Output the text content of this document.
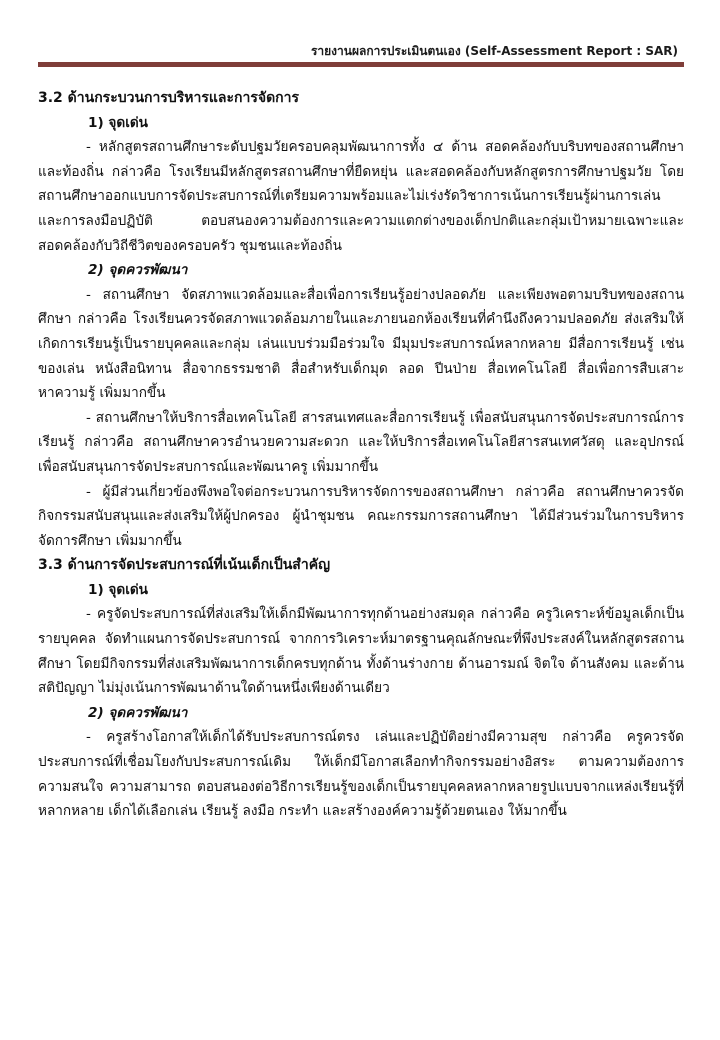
รายงานผลการประเมินตนเอง (Self-Assessment Report : SAR)
3.2 ด้านกระบวนการบริหารและการจัดการ
1) จุดเด่น

- หลักสูตรสถานศึกษาระดับปฐมวัยครอบคลุมพัฒนาการทั้ง ๔ ด้าน สอดคล้องกับบริบทของสถานศึกษาและท้องถิ่น กล่าวคือ โรงเรียนมีหลักสูตรสถานศึกษาที่ยืดหยุ่น และสอดคล้องกับหลักสูตรการศึกษาปฐมวัย โดยสถานศึกษาออกแบบการจัดประสบการณ์ที่เตรียมความพร้อมและไม่เร่งรัดวิชาการเน้นการเรียนรู้ผ่านการเล่นและการลงมือปฏิบัติ ตอบสนองความต้องการและความแตกต่างของเด็กปกติและกลุ่มเป้าหมายเฉพาะและสอดคล้องกับวิถีชีวิตของครอบครัว ชุมชนและท้องถิ่น

2) จุดควรพัฒนา

- สถานศึกษา จัดสภาพแวดล้อมและสื่อเพื่อการเรียนรู้อย่างปลอดภัย และเพียงพอตามบริบทของสถานศึกษา กล่าวคือ โรงเรียนควรจัดสภาพแวดล้อมภายในและภายนอกห้องเรียนที่คำนึงถึงความปลอดภัย ส่งเสริมให้เกิดการเรียนรู้เป็นรายบุคคลและกลุ่ม เล่นแบบร่วมมือร่วมใจ มีมุมประสบการณ์หลากหลาย มีสื่อการเรียนรู้ เช่น ของเล่น หนังสือนิทาน สื่อจากธรรมชาติ สื่อสำหรับเด็กมุด ลอด ปีนป่าย สื่อเทคโนโลยี สื่อเพื่อการสืบเสาะหาความรู้ เพิ่มมากขึ้น

- สถานศึกษาให้บริการสื่อเทคโนโลยี สารสนเทศและสื่อการเรียนรู้ เพื่อสนับสนุนการจัดประสบการณ์การเรียนรู้ กล่าวคือ สถานศึกษาควรอำนวยความสะดวก และให้บริการสื่อเทคโนโลยีสารสนเทศวัสดุ และอุปกรณ์ เพื่อสนับสนุนการจัดประสบการณ์และพัฒนาครู เพิ่มมากขึ้น

- ผู้มีส่วนเกี่ยวข้องพึงพอใจต่อกระบวนการบริหารจัดการของสถานศึกษา กล่าวคือ สถานศึกษาควรจัดกิจกรรมสนับสนุนและส่งเสริมให้ผู้ปกครอง ผู้นำชุมชน คณะกรรมการสถานศึกษา ได้มีส่วนร่วมในการบริหารจัดการศึกษา เพิ่มมากขึ้น

3.3 ด้านการจัดประสบการณ์ที่เน้นเด็กเป็นสำคัญ
1) จุดเด่น

- ครูจัดประสบการณ์ที่ส่งเสริมให้เด็กมีพัฒนาการทุกด้านอย่างสมดุล กล่าวคือ ครูวิเคราะห์ข้อมูลเด็กเป็นรายบุคคล จัดทำแผนการจัดประสบการณ์ จากการวิเคราะห์มาตรฐานคุณลักษณะที่พึงประสงค์ในหลักสูตรสถานศึกษา โดยมีกิจกรรมที่ส่งเสริมพัฒนาการเด็กครบทุกด้าน ทั้งด้านร่างกาย ด้านอารมณ์ จิตใจ ด้านสังคม และด้านสติปัญญา ไม่มุ่งเน้นการพัฒนาด้านใดด้านหนึ่งเพียงด้านเดียว

2) จุดควรพัฒนา

- ครูสร้างโอกาสให้เด็กได้รับประสบการณ์ตรง เล่นและปฏิบัติอย่างมีความสุข กล่าวคือ ครูควรจัดประสบการณ์ที่เชื่อมโยงกับประสบการณ์เดิม ให้เด็กมีโอกาสเลือกทำกิจกรรมอย่างอิสระ ตามความต้องการ ความสนใจ ความสามารถ ตอบสนองต่อวิธีการเรียนรู้ของเด็กเป็นรายบุคคลหลากหลายรูปแบบจากแหล่งเรียนรู้ที่หลากหลาย เด็กได้เลือกเล่น เรียนรู้ ลงมือ กระทำ และสร้างองค์ความรู้ด้วยตนเอง ให้มากขึ้น
